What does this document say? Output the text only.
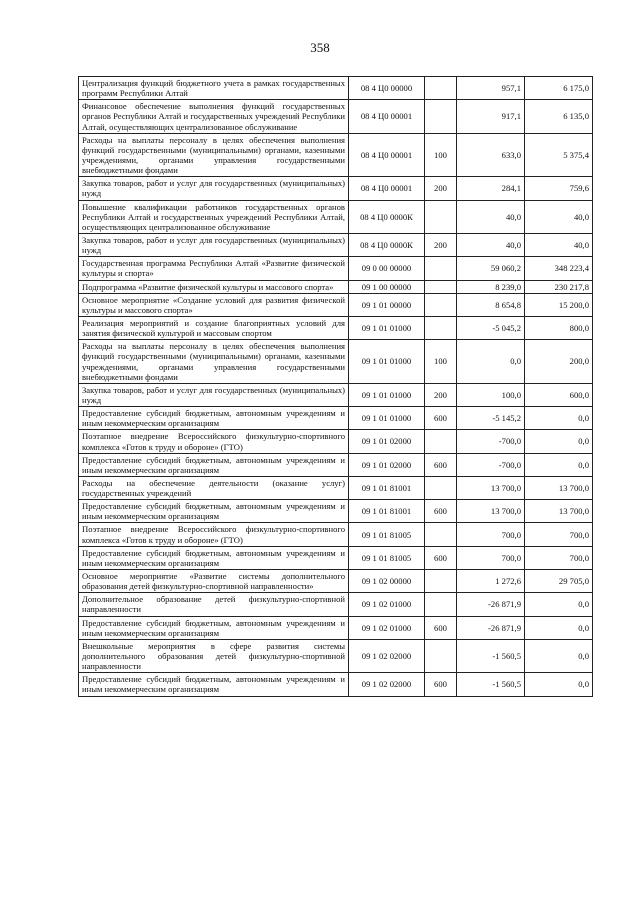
358
Централизация функций бюджетного учета в рамках государственных программ Республики Алтай	08 4 Ц0 00000		957,1	6 175,0
Финансовое обеспечение выполнения функций государственных органов Республики Алтай и государственных учреждений Республики Алтай, осуществляющих централизованное обслуживание	08 4 Ц0 00001		917,1	6 135,0
Расходы на выплаты персоналу в целях обеспечения выполнения функций государственными (муниципальными) органами, казенными учреждениями, органами управления государственными внебюджетными фондами	08 4 Ц0 00001	100	633,0	5 375,4
Закупка товаров, работ и услуг для государственных (муниципальных) нужд	08 4 Ц0 00001	200	284,1	759,6
Повышение квалификации работников государственных органов Республики Алтай и государственных учреждений Республики Алтай, осуществляющих централизованное обслуживание	08 4 Ц0 0000К		40,0	40,0
Закупка товаров, работ и услуг для государственных (муниципальных) нужд	08 4 Ц0 0000К	200	40,0	40,0
Государственная программа Республики Алтай «Развитие физической культуры и спорта»	09 0 00 00000		59 060,2	348 223,4
Подпрограмма «Развитие физической культуры и массового спорта»	09 1 00 00000		8 239,0	230 217,8
Основное мероприятие «Создание условий для развития физической культуры и массового спорта»	09 1 01 00000		8 654,8	15 200,0
Реализация мероприятий и создание благоприятных условий для занятия физической культурой и массовым спортом	09 1 01 01000		-5 045,2	800,0
Расходы на выплаты персоналу в целях обеспечения выполнения функций государственными (муниципальными) органами, казенными учреждениями, органами управления государственными внебюджетными фондами	09 1 01 01000	100	0,0	200,0
Закупка товаров, работ и услуг для государственных (муниципальных) нужд	09 1 01 01000	200	100,0	600,0
Предоставление субсидий бюджетным, автономным учреждениям и иным некоммерческим организациям	09 1 01 01000	600	-5 145,2	0,0
Поэтапное внедрение Всероссийского физкультурно-спортивного комплекса «Готов к труду и обороне» (ГТО)	09 1 01 02000		-700,0	0,0
Предоставление субсидий бюджетным, автономным учреждениям и иным некоммерческим организациям	09 1 01 02000	600	-700,0	0,0
Расходы на обеспечение деятельности (оказание услуг) государственных учреждений	09 1 01 81001		13 700,0	13 700,0
Предоставление субсидий бюджетным, автономным учреждениям и иным некоммерческим организациям	09 1 01 81001	600	13 700,0	13 700,0
Поэтапное внедрение Всероссийского физкультурно-спортивного комплекса «Готов к труду и обороне» (ГТО)	09 1 01 81005		700,0	700,0
Предоставление субсидий бюджетным, автономным учреждениям и иным некоммерческим организациям	09 1 01 81005	600	700,0	700,0
Основное мероприятие «Развитие системы дополнительного образования детей физкультурно-спортивной направленности»	09 1 02 00000		1 272,6	29 705,0
Дополнительное образование детей физкультурно-спортивной направленности	09 1 02 01000		-26 871,9	0,0
Предоставление субсидий бюджетным, автономным учреждениям и иным некоммерческим организациям	09 1 02 01000	600	-26 871,9	0,0
Внешкольные мероприятия в сфере развития системы дополнительного образования детей физкультурно-спортивной направленности	09 1 02 02000		-1 560,5	0,0
Предоставление субсидий бюджетным, автономным учреждениям и иным некоммерческим организациям	09 1 02 02000	600	-1 560,5	0,0
